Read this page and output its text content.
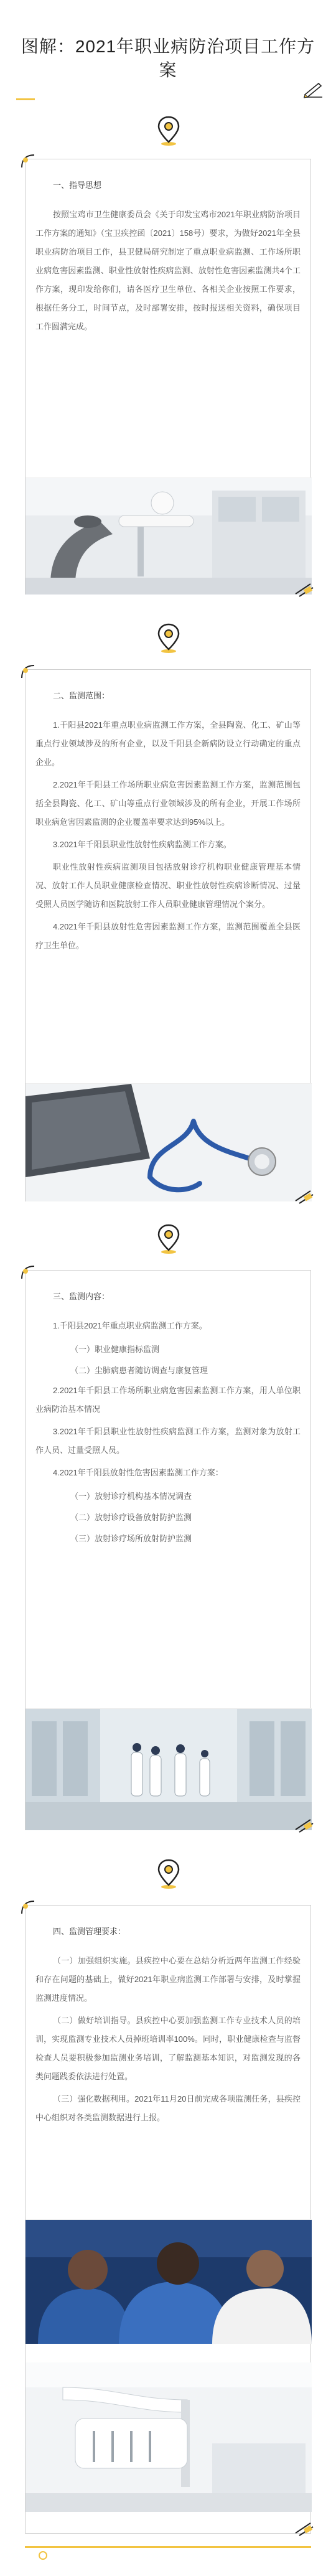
图解：2021年职业病防治项目工作方案
一、指导思想

按照宝鸡市卫生健康委员会《关于印发宝鸡市2021年职业病防治项目工作方案的通知》（宝卫疾控函〔2021〕158号）要求，为做好2021年全县职业病防治项目工作，县卫健局研究制定了重点职业病监测、工作场所职业病危害因素监测、职业性放射性疾病监测、放射性危害因素监测共4个工作方案，现印发给你们，请各医疗卫生单位、各相关企业按照工作要求，根据任务分工，时间节点，及时部署安排，按时报送相关资料，确保项目工作圆满完成。

二、监测范围：

1.千阳县2021年重点职业病监测工作方案，全县陶瓷、化工、矿山等重点行业领域涉及的所有企业，以及千阳县企新病防设立行动确定的重点企业。

2.2021年千阳县工作场所职业病危害因素监测工作方案，监测范围包括全县陶瓷、化工、矿山等重点行业领域涉及的所有企业，开展工作场所职业病危害因素监测的企业覆盖率要求达到95%以上。

3.2021年千阳县职业性放射性疾病监测工作方案。

职业性放射性疾病监测项目包括放射诊疗机构职业健康管理基本情况、放射工作人员职业健康检查情况、职业性放射性疾病诊断情况、过量受照人员医学随访和医院放射工作人员职业健康管理情况个案分。

4.2021年千阳县放射性危害因素监测工作方案，监测范围覆盖全县医疗卫生单位。

三、监测内容：

1.千阳县2021年重点职业病监测工作方案。

（一）职业健康指标监测
（二）尘肺病患者随访调查与康复管理

2.2021年千阳县工作场所职业病危害因素监测工作方案，用人单位职业病防治基本情况

3.2021年千阳县职业性放射性疾病监测工作方案，监测对象为放射工作人员、过量受照人员。

4.2021年千阳县放射性危害因素监测工作方案：

（一）放射诊疗机构基本情况调查
（二）放射诊疗设备放射防护监测
（三）放射诊疗场所放射防护监测
四、监测管理要求：

（一）加强组织实施。县疾控中心要在总结分析近两年监测工作经验和存在问题的基础上，做好2021年职业病监测工作部署与安排，及时掌握监测进度情况。

（二）做好培训指导。县疾控中心要加强监测工作专业技术人员的培训，实现监测专业技术人员掉班培训率100%。同时，职业健康检查与监督检查人员要积极参加监测业务培训，了解监测基本知识，对监测发现的各类问题践委依法进行处置。

（三）强化数据利用。2021年11月20日前完成各项监测任务，县疾控中心组织对各类监测数据进行上报。
